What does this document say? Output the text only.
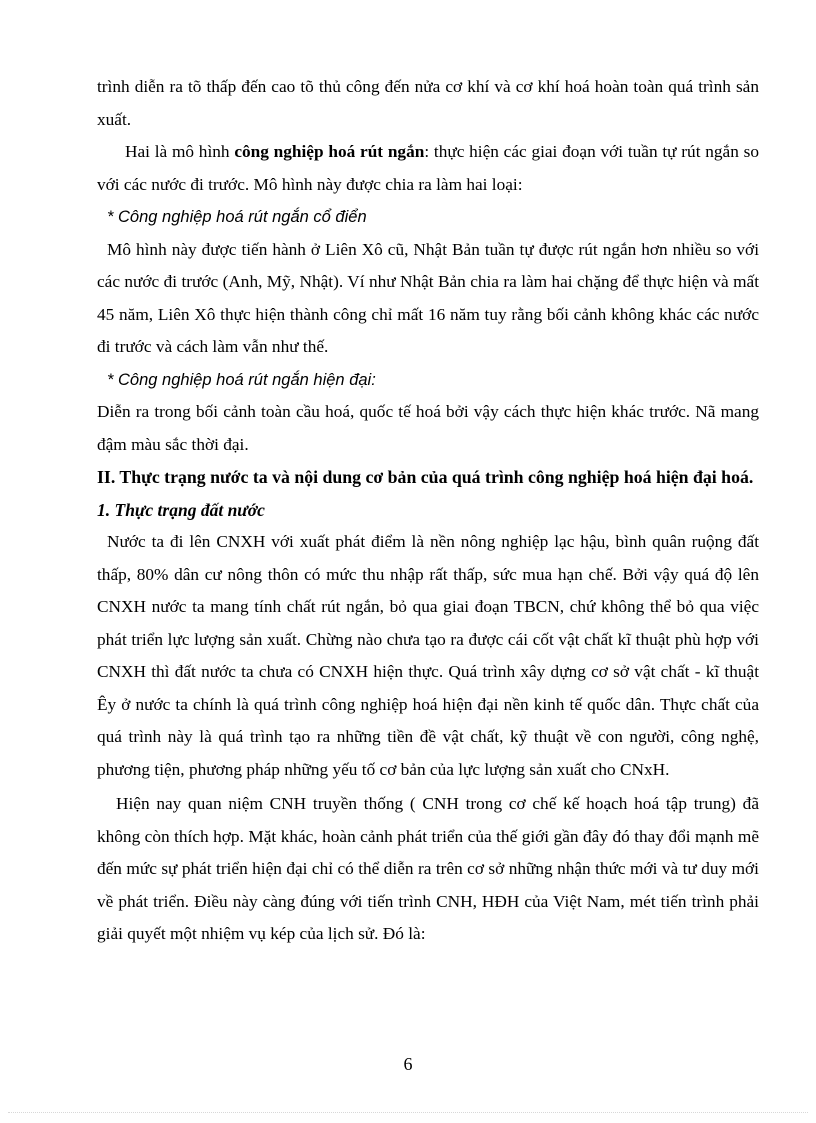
trình diễn ra tõ thấp đến cao tõ thủ công đến nửa cơ khí và cơ khí hoá hoàn toàn quá trình sản xuất.

Hai là mô hình công nghiệp hoá rút ngắn: thực hiện các giai đoạn với tuần tự rút ngắn so với các nước đi trước. Mô hình này được chia ra làm hai loại:

* Công nghiệp hoá rút ngắn cổ điển

Mô hình này được tiến hành ở Liên Xô cũ, Nhật Bản tuần tự được rút ngắn hơn nhiều so với các nước đi trước (Anh, Mỹ, Nhật). Ví như Nhật Bản chia ra làm hai chặng để thực hiện và mất 45 năm, Liên Xô thực hiện thành công chỉ mất 16 năm tuy rằng bối cảnh không khác các nước đi trước và cách làm vẫn như thế.

* Công nghiệp hoá rút ngắn hiện đại:

Diễn ra trong bối cảnh toàn cầu hoá, quốc tế hoá bởi vậy cách thực hiện khác trước. Nã mang đậm màu sắc thời đại.

II. Thực trạng nước ta và nội dung cơ bản của quá trình công nghiệp hoá hiện đại hoá.

1. Thực trạng đất nước

Nước ta đi lên CNXH với xuất phát điểm là nền nông nghiệp lạc hậu, bình quân ruộng đất thấp, 80% dân cư nông thôn có mức thu nhập rất thấp, sức mua hạn chế. Bởi vậy quá độ lên CNXH nước ta mang tính chất rút ngắn, bỏ qua giai đoạn TBCN, chứ không thể bỏ qua việc phát triển lực lượng sản xuất. Chừng nào chưa tạo ra được cái cốt vật chất kĩ thuật phù hợp với CNXH thì đất nước ta chưa có CNXH hiện thực. Quá trình xây dựng cơ sở vật chất - kĩ thuật Êy ở nước ta chính là quá trình công nghiệp hoá hiện đại nền kinh tế quốc dân. Thực chất của quá trình này là quá trình tạo ra những tiền đề vật chất, kỹ thuật về con người, công nghệ, phương tiện, phương pháp những yếu tố cơ bản của lực lượng sản xuất cho CNxH.

Hiện nay quan niệm CNH truyền thống ( CNH trong cơ chế kế hoạch hoá tập trung) đã không còn thích hợp. Mặt khác, hoàn cảnh phát triển của thế giới gần đây đó thay đổi mạnh mẽ đến mức sự phát triển hiện đại chỉ có thể diễn ra trên cơ sở những nhận thức mới và tư duy mới về phát triển. Điều này càng đúng với tiến trình CNH, HĐH của Việt Nam, mét tiến trình phải giải quyết một nhiệm vụ kép của lịch sử. Đó là:

6
